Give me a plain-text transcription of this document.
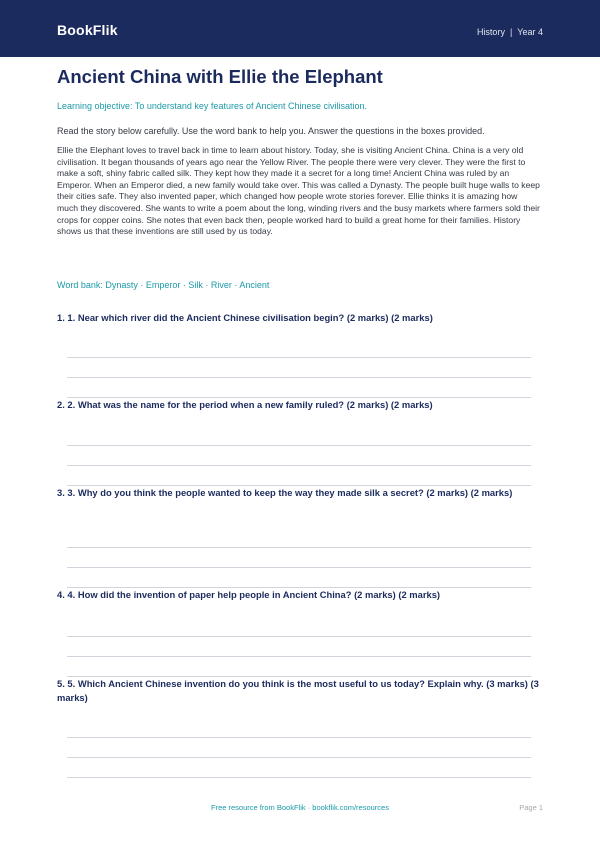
BookFlik	History | Year 4
Ancient China with Ellie the Elephant
Learning objective: To understand key features of Ancient Chinese civilisation.
Read the story below carefully. Use the word bank to help you. Answer the questions in the boxes provided.

Ellie the Elephant loves to travel back in time to learn about history. Today, she is visiting Ancient China. China is a very old civilisation. It began thousands of years ago near the Yellow River. The people there were very clever. They were the first to make a soft, shiny fabric called silk. They kept how they made it a secret for a long time! Ancient China was ruled by an Emperor. When an Emperor died, a new family would take over. This was called a Dynasty. The people built huge walls to keep their cities safe. They also invented paper, which changed how people wrote stories forever. Ellie thinks it is amazing how much they discovered. She wants to write a poem about the long, winding rivers and the busy markets where farmers sold their crops for copper coins. She notes that even back then, people worked hard to build a great home for their families. History shows us that these inventions are still used by us today.

Word bank: Dynasty · Emperor · Silk · River · Ancient

1. 1. Near which river did the Ancient Chinese civilisation begin? (2 marks) (2 marks)

2. 2. What was the name for the period when a new family ruled? (2 marks) (2 marks)

3. 3. Why do you think the people wanted to keep the way they made silk a secret? (2 marks) (2 marks)

4. 4. How did the invention of paper help people in Ancient China? (2 marks) (2 marks)

5. 5. Which Ancient Chinese invention do you think is the most useful to us today? Explain why. (3 marks) (3 marks)

Free resource from BookFlik · bookflik.com/resources	Page 1
